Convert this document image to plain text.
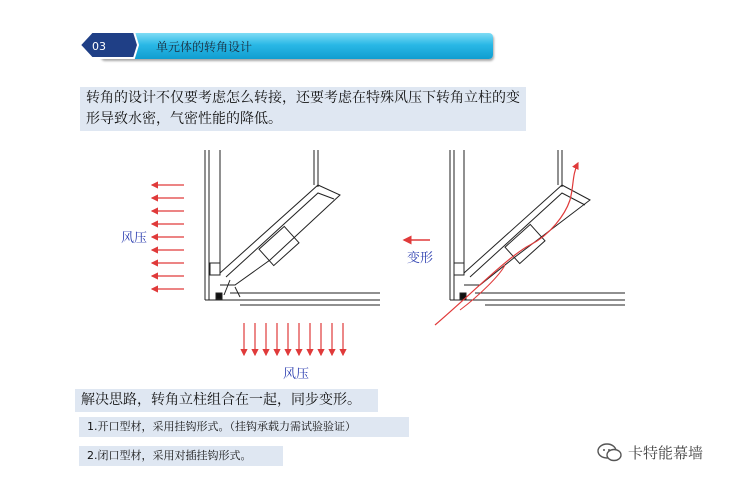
03	单元体的转角设计
转角的设计不仅要考虑怎么转接，还要考虑在特殊风压下转角立柱的变形导致水密，气密性能的降低。
风压
风压
变形
解决思路，转角立柱组合在一起，同步变形。
1.开口型材，采用挂钩形式。（挂钩承载力需试验验证）
2.闭口型材，采用对插挂钩形式。	卡特能幕墙
